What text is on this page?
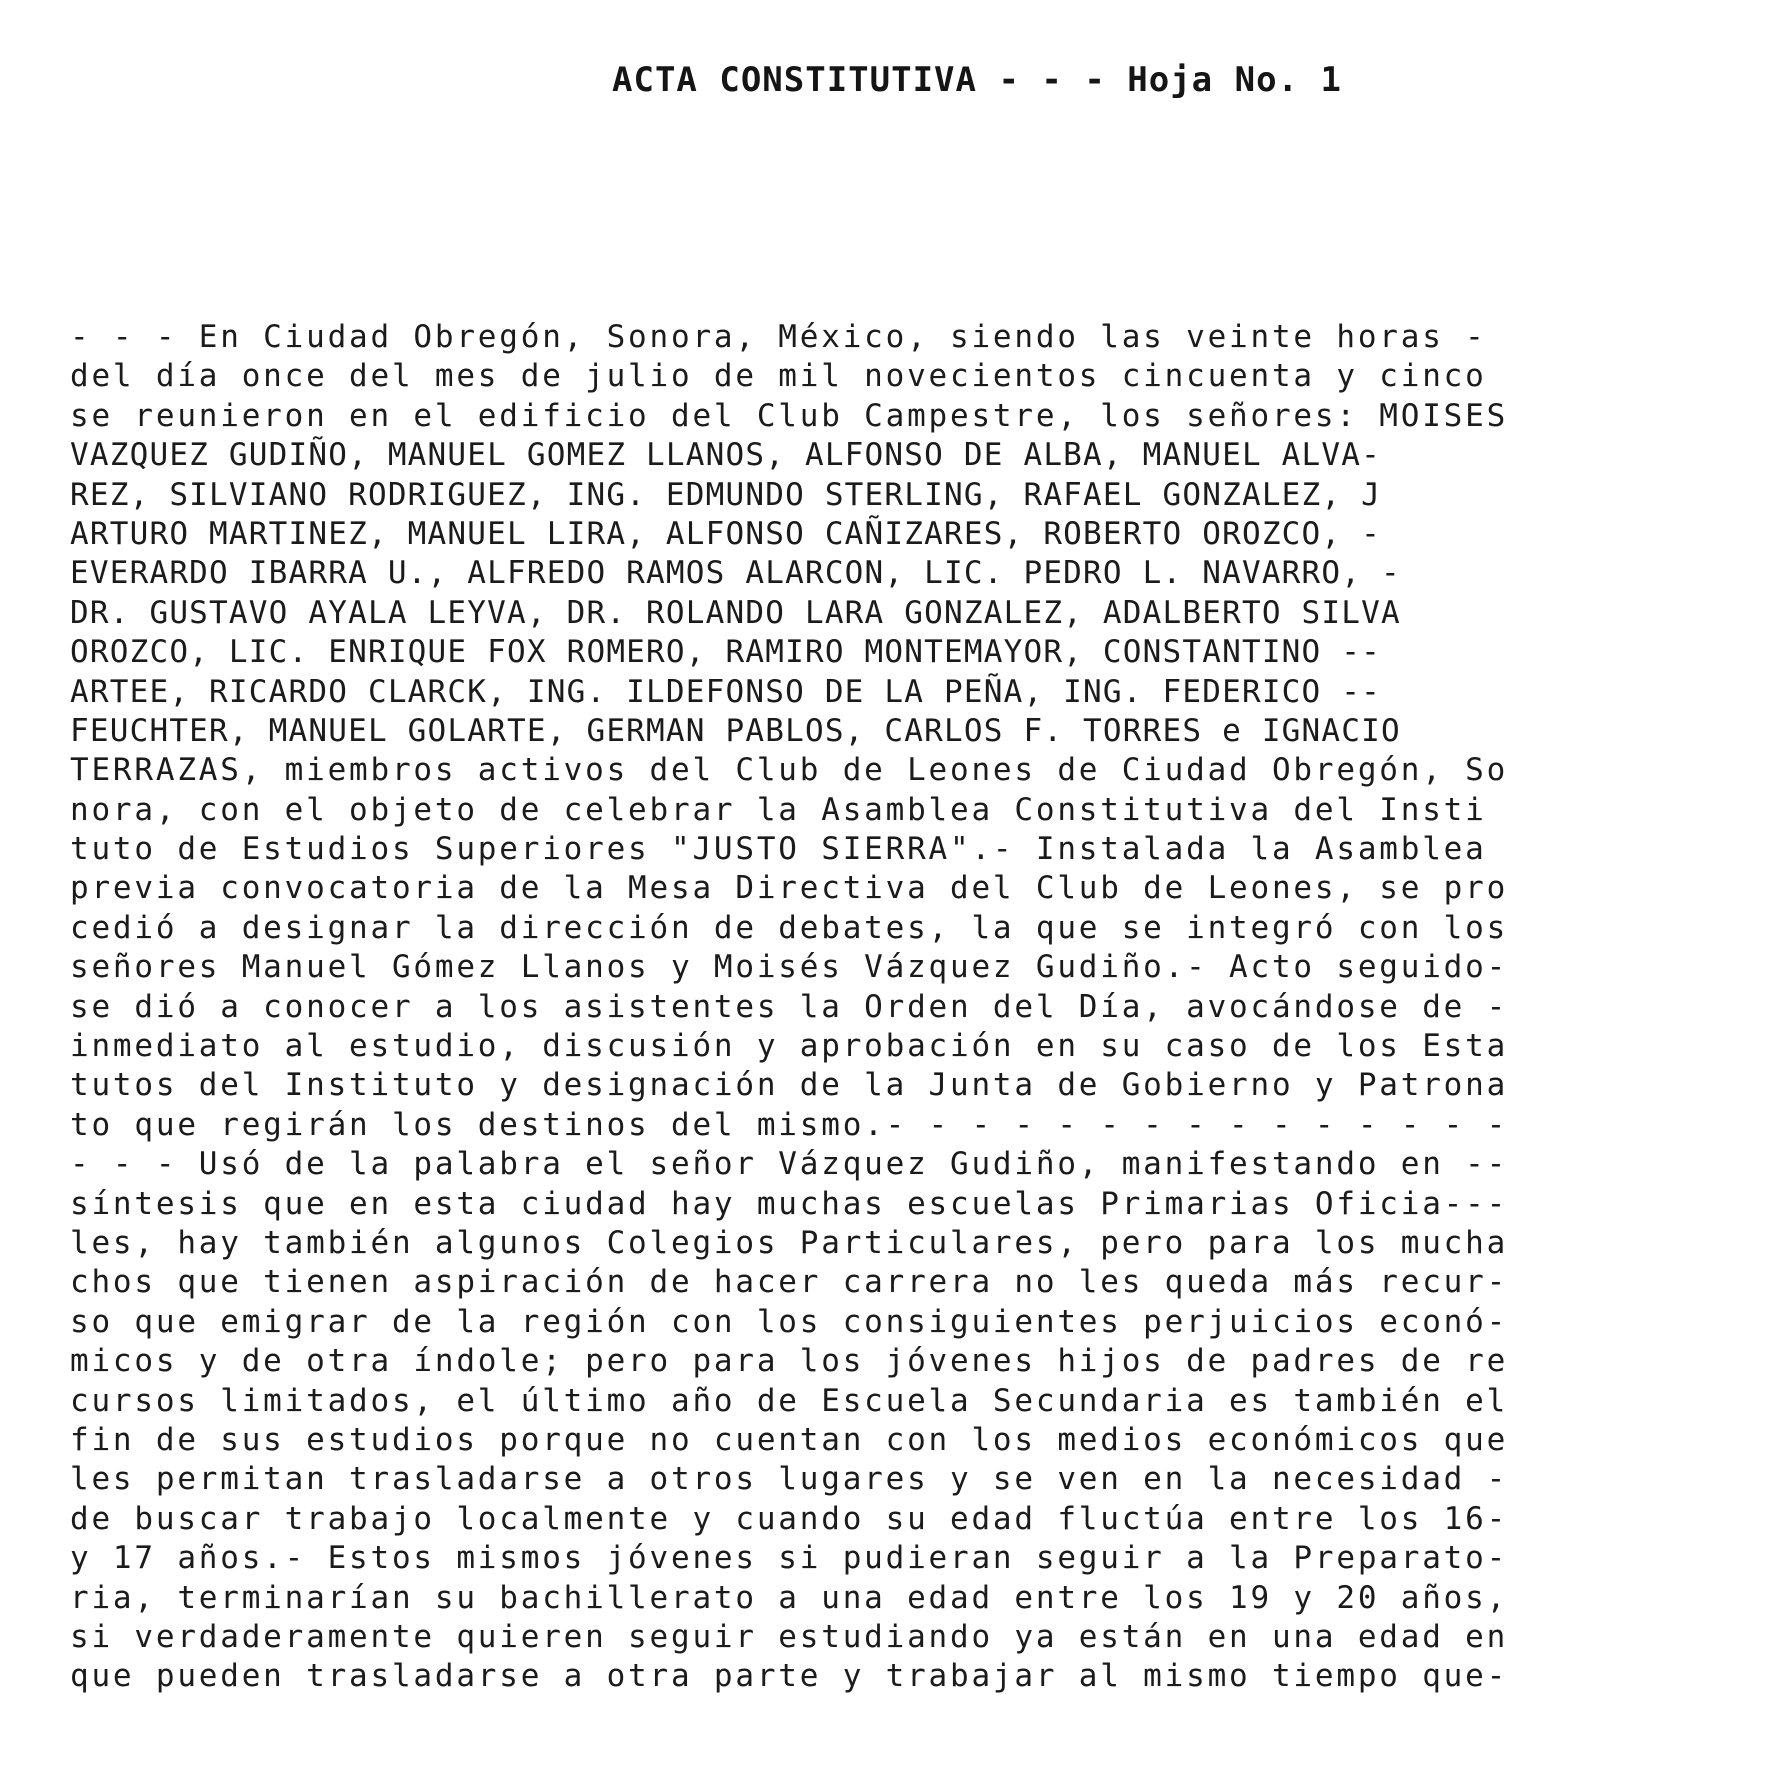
ACTA CONSTITUTIVA - - - Hoja No. 1
- - - En Ciudad Obregón, Sonora, México, siendo las veinte horas -
del día once del mes de julio de mil novecientos cincuenta y cinco
se reunieron en el edificio del Club Campestre, los señores: MOISES
VAZQUEZ GUDIÑO, MANUEL GOMEZ LLANOS, ALFONSO DE ALBA, MANUEL ALVA-
REZ, SILVIANO RODRIGUEZ, ING. EDMUNDO STERLING, RAFAEL GONZALEZ, J
ARTURO MARTINEZ, MANUEL LIRA, ALFONSO CAÑIZARES, ROBERTO OROZCO, -
EVERARDO IBARRA U., ALFREDO RAMOS ALARCON, LIC. PEDRO L. NAVARRO, -
DR. GUSTAVO AYALA LEYVA, DR. ROLANDO LARA GONZALEZ, ADALBERTO SILVA
OROZCO, LIC. ENRIQUE FOX ROMERO, RAMIRO MONTEMAYOR, CONSTANTINO --
ARTEE, RICARDO CLARCK, ING. ILDEFONSO DE LA PEÑA, ING. FEDERICO --
FEUCHTER, MANUEL GOLARTE, GERMAN PABLOS, CARLOS F. TORRES e IGNACIO
TERRAZAS, miembros activos del Club de Leones de Ciudad Obregón, So
nora, con el objeto de celebrar la Asamblea Constitutiva del Insti
tuto de Estudios Superiores "JUSTO SIERRA".- Instalada la Asamblea
previa convocatoria de la Mesa Directiva del Club de Leones, se pro
cedió a designar la dirección de debates, la que se integró con los
señores Manuel Gómez Llanos y Moisés Vázquez Gudiño.- Acto seguido-
se dió a conocer a los asistentes la Orden del Día, avocándose de -
inmediato al estudio, discusión y aprobación en su caso de los Esta
tutos del Instituto y designación de la Junta de Gobierno y Patrona
to que regirán los destinos del mismo.- - - - - - - - - - - - - - -
- - - Usó de la palabra el señor Vázquez Gudiño, manifestando en --
síntesis que en esta ciudad hay muchas escuelas Primarias Oficia---
les, hay también algunos Colegios Particulares, pero para los mucha
chos que tienen aspiración de hacer carrera no les queda más recur-
so que emigrar de la región con los consiguientes perjuicios econó-
micos y de otra índole; pero para los jóvenes hijos de padres de re
cursos limitados, el último año de Escuela Secundaria es también el
fin de sus estudios porque no cuentan con los medios económicos que
les permitan trasladarse a otros lugares y se ven en la necesidad -
de buscar trabajo localmente y cuando su edad fluctúa entre los 16-
y 17 años.- Estos mismos jóvenes si pudieran seguir a la Preparato-
ria, terminarían su bachillerato a una edad entre los 19 y 20 años,
si verdaderamente quieren seguir estudiando ya están en una edad en
que pueden trasladarse a otra parte y trabajar al mismo tiempo que-
